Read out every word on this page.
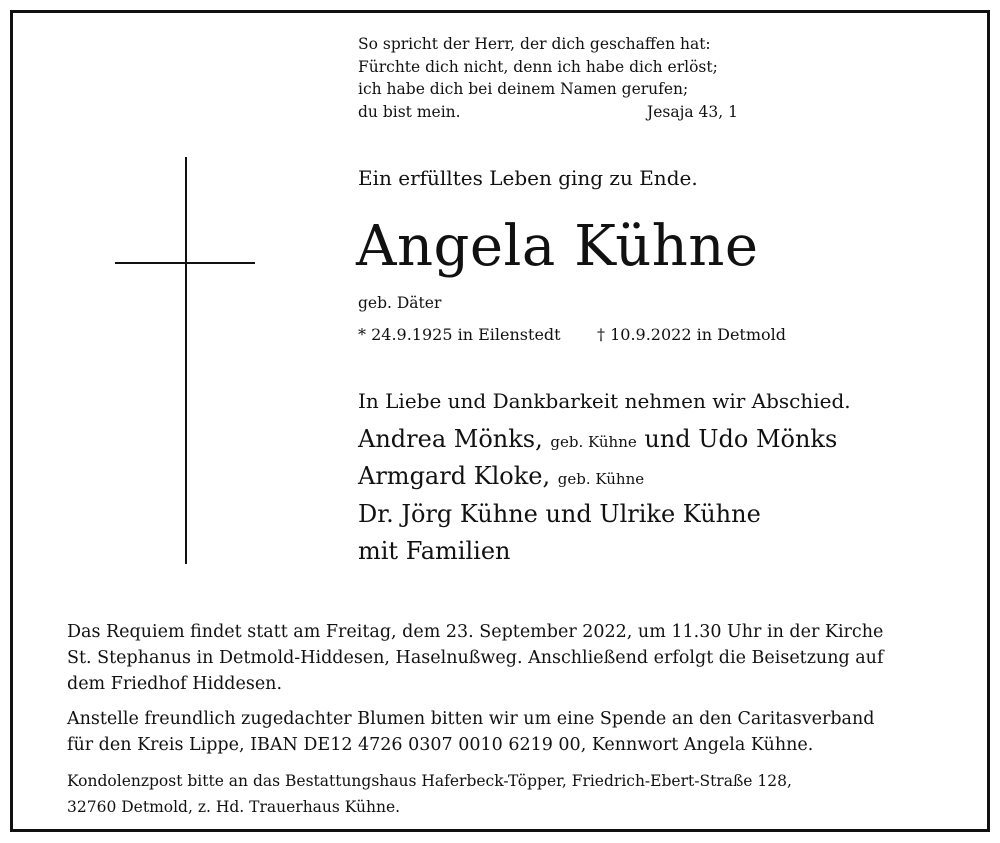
So spricht der Herr, der dich geschaffen hat:
Fürchte dich nicht, denn ich habe dich erlöst;
ich habe dich bei deinem Namen gerufen;
du bist mein.	Jesaja 43, 1
Ein erfülltes Leben ging zu Ende.
Angela Kühne
geb. Däter
* 24.9.1925 in Eilenstedt † 10.9.2022 in Detmold
In Liebe und Dankbarkeit nehmen wir Abschied.
Andrea Mönks, geb. Kühne und Udo Mönks
Armgard Kloke, geb. Kühne
Dr. Jörg Kühne und Ulrike Kühne
mit Familien
Das Requiem findet statt am Freitag, dem 23. September 2022, um 11.30 Uhr in der Kirche
St. Stephanus in Detmold-Hiddesen, Haselnußweg. Anschließend erfolgt die Beisetzung auf
dem Friedhof Hiddesen.
Anstelle freundlich zugedachter Blumen bitten wir um eine Spende an den Caritasverband
für den Kreis Lippe, IBAN DE12 4726 0307 0010 6219 00, Kennwort Angela Kühne.
Kondolenzpost bitte an das Bestattungshaus Haferbeck-Töpper, Friedrich-Ebert-Straße 128,
32760 Detmold, z. Hd. Trauerhaus Kühne.
